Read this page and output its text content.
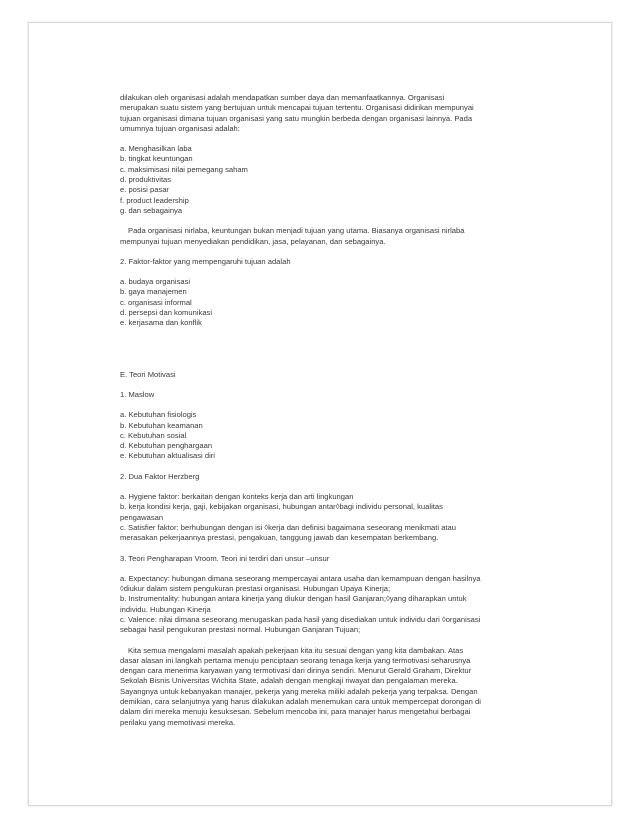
dilakukan oleh organisasi adalah mendapatkan sumber daya dan memanfaatkannya. Organisasi

merupakan suatu sistem yang bertujuan untuk mencapai tujuan tertentu. Organisasi didirikan mempunyai

tujuan organisasi dimana tujuan organisasi yang satu mungkin berbeda dengan organisasi lainnya. Pada

umumnya tujuan organisasi adalah:

a. Menghasilkan laba
b. tingkat keuntungan
c. maksimisasi nilai pemegang saham
d. produktivitas
e. posisi pasar
f. product leadership
g. dan sebagainya

Pada organisasi nirlaba, keuntungan bukan menjadi tujuan yang utama. Biasanya organisasi nirlaba

mempunyai tujuan menyediakan pendidikan, jasa, pelayanan, dan sebagainya.

2. Faktor-faktor yang mempengaruhi tujuan adalah

a. budaya organisasi
b. gaya manajemen
c. organisasi informal
d. persepsi dan komunikasi
e. kerjasama dan konflik

E. Teori Motivasi

1. Maslow

a. Kebutuhan fisiologis
b. Kebutuhan keamanan
c. Kebutuhan sosial
d. Kebutuhan penghargaan
e. Kebutuhan aktualisasi diri

2. Dua Faktor Herzberg

a. Hygiene faktor: berkaitan dengan konteks kerja dan arti lingkungan

b. kerja kondisi kerja, gaji, kebijakan organisasi, hubungan antar◊bagi individu personal, kualitas

pengawasan

c. Satisfier faktor: berhubungan dengan isi ◊kerja dan definisi bagaimana seseorang menikmati atau

merasakan pekerjaannya prestasi, pengakuan, tanggung jawab dan kesempatan berkembang.

3. Teori Pengharapan Vroom. Teori ini terdiri dari unsur –unsur

a. Expectancy: hubungan dimana seseorang mempercayai antara usaha dan kemampuan dengan hasilnya

◊diukur dalam sistem pengukuran prestasi organisasi. Hubungan Upaya Kinerja;

b. Instrumentality: hubungan antara kinerja yang diukur dengan hasil Ganjaran;◊yang diharapkan untuk

individu. Hubungan Kinerja

c. Valence: nilai dimana seseorang menugaskan pada hasil yang disediakan untuk individu dari ◊organisasi

sebagai hasil pengukuran prestasi normal. Hubungan Ganjaran Tujuan;

Kita semua mengalami masalah apakah pekerjaan kita itu sesuai dengan yang kita dambakan. Atas

dasar alasan ini langkah pertama menuju penciptaan seorang tenaga kerja yang termotivasi seharusnya

dengan cara menerima karyawan yang termotivasi dari dirinya sendiri. Menurut Gerald Graham, Direktur

Sekolah Bisnis Universitas Wichita State, adalah dengan mengkaji riwayat dan pengalaman mereka.

Sayangnya untuk kebanyakan manajer, pekerja yang mereka miliki adalah pekerja yang terpaksa. Dengan

demikian, cara selanjutnya yang harus dilakukan adalah menemukan cara untuk mempercepat dorongan di

dalam diri mereka menuju kesuksesan. Sebelum mencoba ini, para manajer harus mengetahui berbagai

perilaku yang memotivasi mereka.
